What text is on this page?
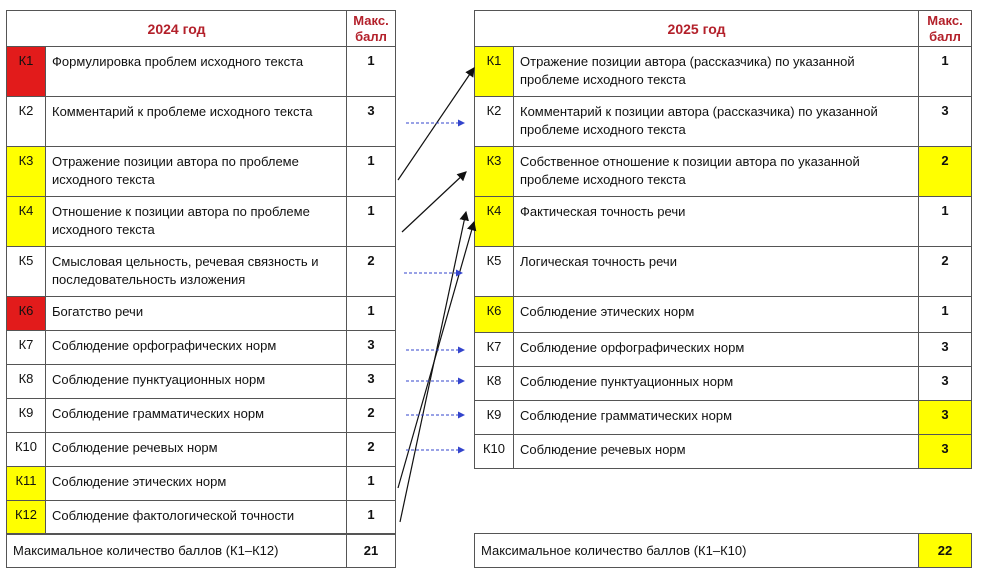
2024 год		Макс.
балл
К1	Формулировка проблем исходного текста	1
К2	Комментарий к проблеме исходного текста	3
К3	Отражение позиции автора по проблеме исходного текста	1
К4	Отношение к позиции автора по проблеме исходного текста	1
К5	Смысловая цельность, речевая связность и последовательность изложения	2
К6	Богатство речи	1
К7	Соблюдение орфографических норм	3
К8	Соблюдение пунктуационных норм	3
К9	Соблюдение грамматических норм	2
К10	Соблюдение речевых норм	2
К11	Соблюдение этических норм	1
К12	Соблюдение фактологической точности	1
Максимальное количество баллов (К1–К12)	21
2025 год		Макс.
балл
К1	Отражение позиции автора (рассказчика) по указанной проблеме исходного текста	1
К2	Комментарий к позиции автора (рассказчика) по указанной проблеме исходного текста	3
К3	Собственное отношение к позиции автора по указанной проблеме исходного текста	2
К4	Фактическая точность речи	1
К5	Логическая точность речи	2
К6	Соблюдение этических норм	1
К7	Соблюдение орфографических норм	3
К8	Соблюдение пунктуационных норм	3
К9	Соблюдение грамматических норм	3
К10	Соблюдение речевых норм	3
Максимальное количество баллов (К1–К10)	22
